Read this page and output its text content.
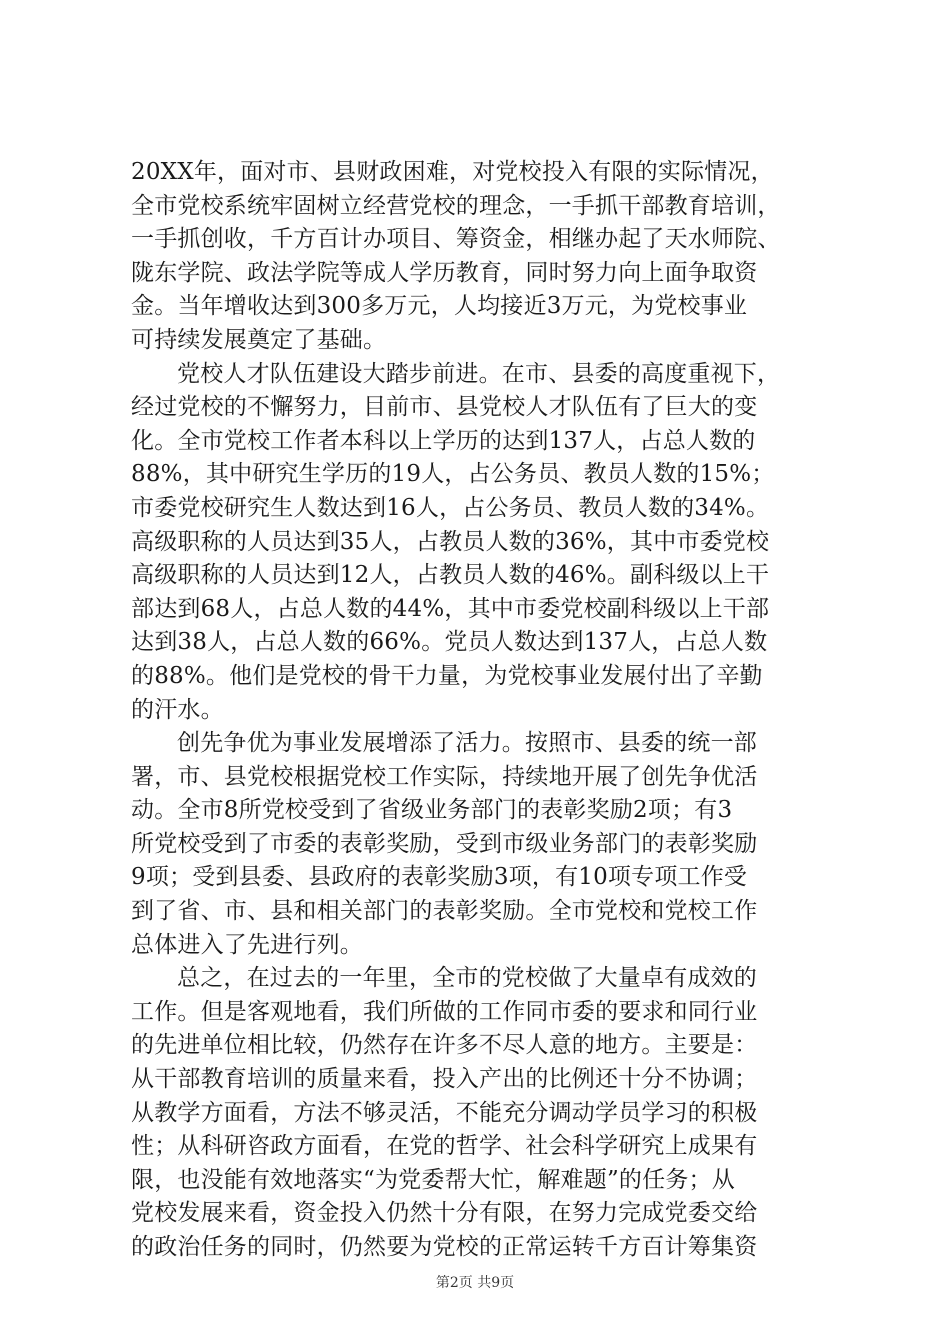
20XX年，面对市、县财政困难，对党校投入有限的实际情况，
全市党校系统牢固树立经营党校的理念，一手抓干部教育培训，
一手抓创收，千方百计办项目、筹资金，相继办起了天水师院、
陇东学院、政法学院等成人学历教育，同时努力向上面争取资
金。当年增收达到300多万元，人均接近3万元，为党校事业
可持续发展奠定了基础。
党校人才队伍建设大踏步前进。在市、县委的高度重视下，
经过党校的不懈努力，目前市、县党校人才队伍有了巨大的变
化。全市党校工作者本科以上学历的达到137人，占总人数的
88%，其中研究生学历的19人，占公务员、教员人数的15%；
市委党校研究生人数达到16人，占公务员、教员人数的34%。
高级职称的人员达到35人，占教员人数的36%，其中市委党校
高级职称的人员达到12人，占教员人数的46%。副科级以上干
部达到68人，占总人数的44%，其中市委党校副科级以上干部
达到38人，占总人数的66%。党员人数达到137人，占总人数
的88%。他们是党校的骨干力量，为党校事业发展付出了辛勤
的汗水。
创先争优为事业发展增添了活力。按照市、县委的统一部
署，市、县党校根据党校工作实际，持续地开展了创先争优活
动。全市8所党校受到了省级业务部门的表彰奖励2项；有3
所党校受到了市委的表彰奖励，受到市级业务部门的表彰奖励
9项；受到县委、县政府的表彰奖励3项，有10项专项工作受
到了省、市、县和相关部门的表彰奖励。全市党校和党校工作
总体进入了先进行列。
总之，在过去的一年里，全市的党校做了大量卓有成效的
工作。但是客观地看，我们所做的工作同市委的要求和同行业
的先进单位相比较，仍然存在许多不尽人意的地方。主要是：
从干部教育培训的质量来看，投入产出的比例还十分不协调；
从教学方面看，方法不够灵活，不能充分调动学员学习的积极
性；从科研咨政方面看，在党的哲学、社会科学研究上成果有
限，也没能有效地落实“为党委帮大忙，解难题”的任务；从
党校发展来看，资金投入仍然十分有限，在努力完成党委交给
的政治任务的同时，仍然要为党校的正常运转千方百计筹集资
第2页 共9页
